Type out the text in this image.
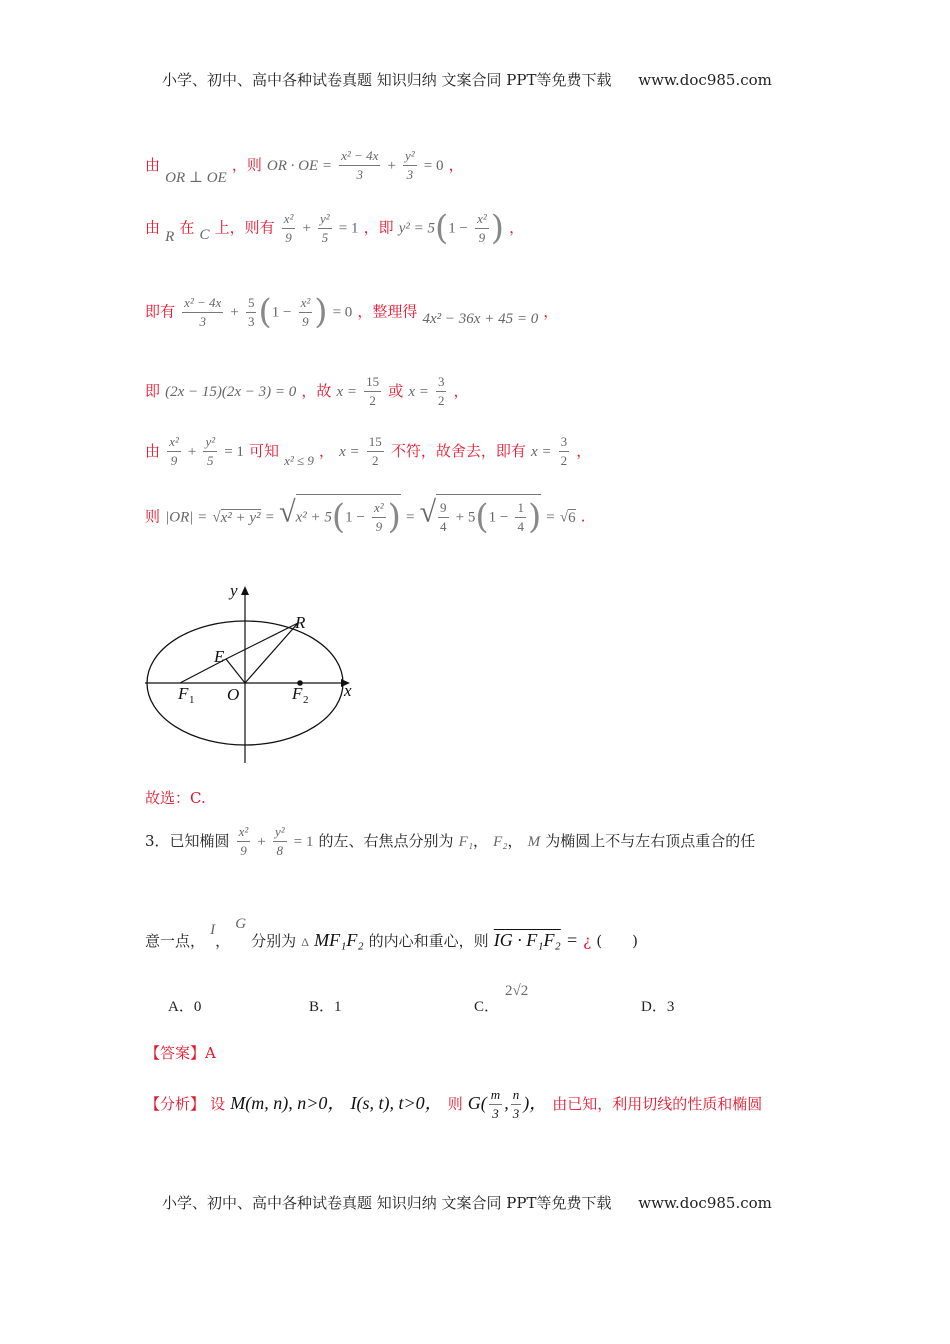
小学、初中、高中各种试卷真题 知识归纳 文案合同 PPT等免费下载 www.doc985.com
由 OR ⊥ OE ，则 OR · OE = $\frac{\text{x² − 4x}}{3} + \frac{\text{y²}}{3} = 0$ ，
由 R 在 C 上，则有 $\frac{\text{x²}}{9} + \frac{\text{y²}}{5} = 1$ ，即 $y^2 = 5(1 - \frac{\text{x²}}{9}$ ) ，
即有 $\frac{\text{x² − 4x}}{3} + \frac{5}{3} (1 - \frac{\text{x²}}{9}$ ) = 0 ，整理得 4x² − 36x + 45 = 0 ，
即 (2x − 15)(2x − 3) = 0 ，故 $x = \frac{15}{2}$ 或 $x = \frac{3}{2}$ ，
由 $\frac{\text{x²}}{9} + \frac{\text{y²}}{5} = 1$ 可知 $_{x^2 \le 9}$ ， $x = \frac{15}{2}$ 不符，故舍去，即有 $x = \frac{3}{2}$ ，
则 $|OR| = √x^2 + y^2 = √x^2 + 5(1 - \frac{\text{x²}}{9}$ ) = √ $\frac{9}{4} + 5(1 - \frac{1}{4}$ ) = √6 .
y
x
R
E
O
F 1	F 2
故选：C.
3．已知椭圆 $\frac{\text{x²}}{9} + \frac{\text{y²}}{8} = 1$ 的左、右焦点分别为 F₁， F₂， M 为椭圆上不与左右顶点重合的任
意一点， I， G 分别为 Δ MF₁F₂ 的内心和重心，则 IG · F₁F₂ = ¿ (　　)
A．0	B．1	C．
2√2
D．3
【答案】A
【分析】 设 M(m, n), n>0， I(s, t), t>0， 则 $G( \frac{m}{3}$ , $\frac{n}{3}$ )， 由已知，利用切线的性质和椭圆
小学、初中、高中各种试卷真题 知识归纳 文案合同 PPT等免费下载 www.doc985.com
